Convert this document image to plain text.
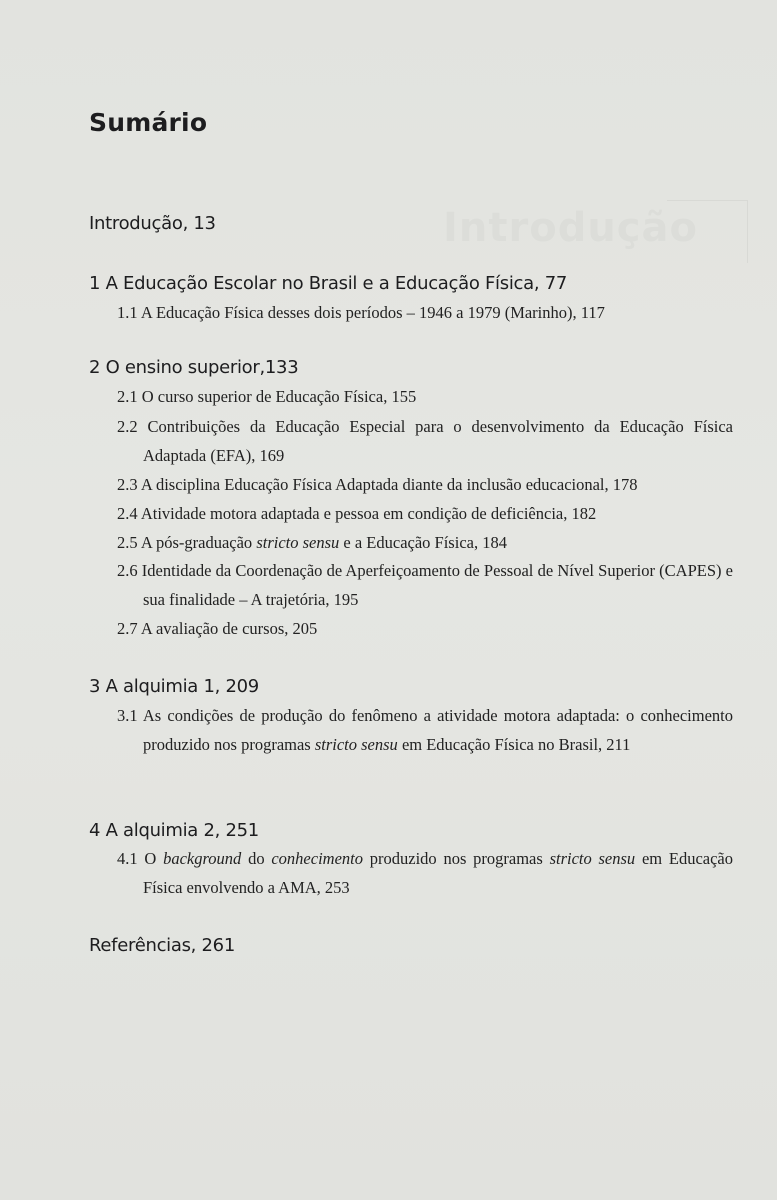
Introdução
Sumário
Introdução, 13
1 A Educação Escolar no Brasil e a Educação Física, 77
1.1 A Educação Física desses dois períodos – 1946 a 1979 (Marinho), 117
2 O ensino superior,133
2.1 O curso superior de Educação Física, 155
2.2 Contribuições da Educação Especial para o desenvolvimento da Educação Física Adaptada (EFA), 169
2.3 A disciplina Educação Física Adaptada diante da inclusão educacional, 178
2.4 Atividade motora adaptada e pessoa em condição de deficiência, 182
2.5 A pós-graduação stricto sensu e a Educação Física, 184
2.6 Identidade da Coordenação de Aperfeiçoamento de Pessoal de Nível Superior (CAPES) e sua finalidade – A trajetória, 195
2.7 A avaliação de cursos, 205
3 A alquimia 1, 209
3.1 As condições de produção do fenômeno a atividade motora adaptada: o conhecimento produzido nos programas stricto sensu em Educação Física no Brasil, 211
4 A alquimia 2, 251
4.1 O background do conhecimento produzido nos programas stricto sensu em Educação Física envolvendo a AMA, 253
Referências, 261
